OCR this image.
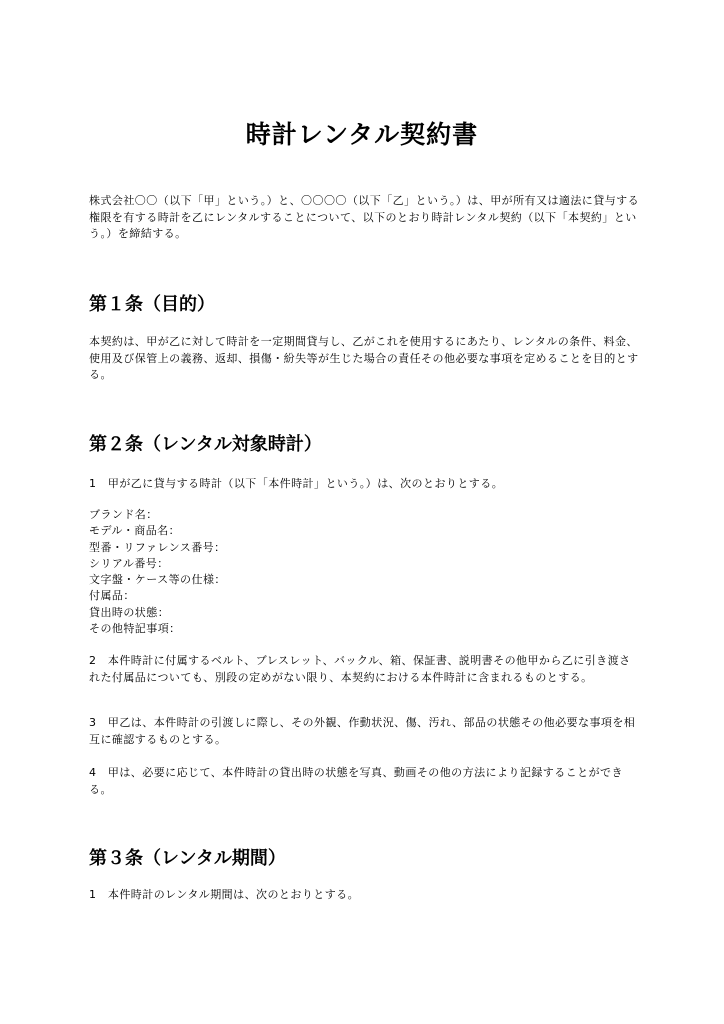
時計レンタル契約書

株式会社〇〇（以下「甲」という。）と、〇〇〇〇（以下「乙」という。）は、甲が所有又は適法に貸与する権限を有する時計を乙にレンタルすることについて、以下のとおり時計レンタル契約（以下「本契約」という。）を締結する。

第１条（目的）

本契約は、甲が乙に対して時計を一定期間貸与し、乙がこれを使用するにあたり、レンタルの条件、料金、使用及び保管上の義務、返却、損傷・紛失等が生じた場合の責任その他必要な事項を定めることを目的とする。

第２条（レンタル対象時計）

1　甲が乙に貸与する時計（以下「本件時計」という。）は、次のとおりとする。

ブランド名：
モデル・商品名：
型番・リファレンス番号：
シリアル番号：
文字盤・ケース等の仕様：
付属品：
貸出時の状態：
その他特記事項：

2　本件時計に付属するベルト、ブレスレット、バックル、箱、保証書、説明書その他甲から乙に引き渡された付属品についても、別段の定めがない限り、本契約における本件時計に含まれるものとする。

3　甲乙は、本件時計の引渡しに際し、その外観、作動状況、傷、汚れ、部品の状態その他必要な事項を相互に確認するものとする。

4　甲は、必要に応じて、本件時計の貸出時の状態を写真、動画その他の方法により記録することができる。

第３条（レンタル期間）

1　本件時計のレンタル期間は、次のとおりとする。
